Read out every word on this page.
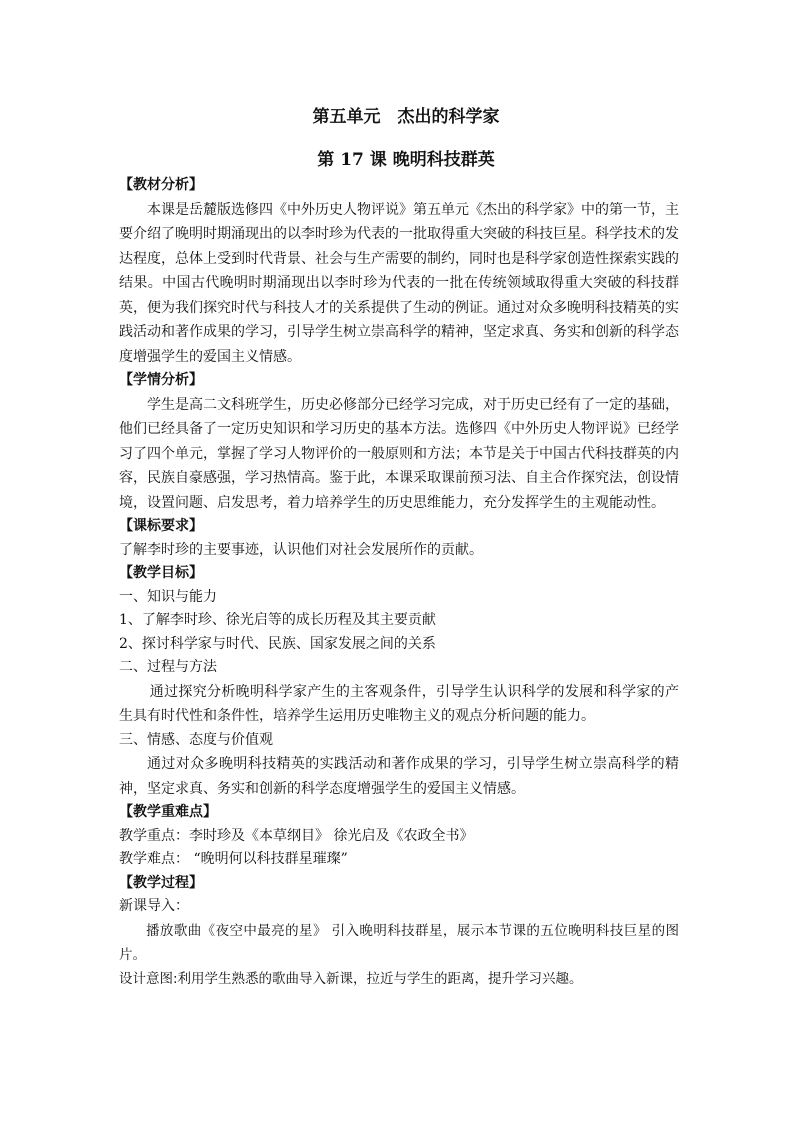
第五单元　杰出的科学家

第 17 课 晚明科技群英

【教材分析】

本课是岳麓版选修四《中外历史人物评说》第五单元《杰出的科学家》中的第一节，主要介绍了晚明时期涌现出的以李时珍为代表的一批取得重大突破的科技巨星。科学技术的发达程度，总体上受到时代背景、社会与生产需要的制约，同时也是科学家创造性探索实践的结果。中国古代晚明时期涌现出以李时珍为代表的一批在传统领域取得重大突破的科技群英，便为我们探究时代与科技人才的关系提供了生动的例证。通过对众多晚明科技精英的实践活动和著作成果的学习，引导学生树立崇高科学的精神，坚定求真、务实和创新的科学态度增强学生的爱国主义情感。

【学情分析】

学生是高二文科班学生，历史必修部分已经学习完成，对于历史已经有了一定的基础，他们已经具备了一定历史知识和学习历史的基本方法。选修四《中外历史人物评说》已经学习了四个单元，掌握了学习人物评价的一般原则和方法；本节是关于中国古代科技群英的内容，民族自豪感强，学习热情高。鉴于此，本课采取课前预习法、自主合作探究法，创设情境，设置问题、启发思考，着力培养学生的历史思维能力，充分发挥学生的主观能动性。

【课标要求】

了解李时珍的主要事迹，认识他们对社会发展所作的贡献。

【教学目标】

一、知识与能力

1、了解李时珍、徐光启等的成长历程及其主要贡献

2、探讨科学家与时代、民族、国家发展之间的关系

二、过程与方法

通过探究分析晚明科学家产生的主客观条件，引导学生认识科学的发展和科学家的产生具有时代性和条件性，培养学生运用历史唯物主义的观点分析问题的能力。

三、情感、态度与价值观

通过对众多晚明科技精英的实践活动和著作成果的学习，引导学生树立崇高科学的精神，坚定求真、务实和创新的科学态度增强学生的爱国主义情感。

【教学重难点】

教学重点：李时珍及《本草纲目》 徐光启及《农政全书》

教学难点： “晚明何以科技群星璀璨”

【教学过程】

新课导入：

播放歌曲《夜空中最亮的星》 引入晚明科技群星，展示本节课的五位晚明科技巨星的图片。

设计意图:利用学生熟悉的歌曲导入新课，拉近与学生的距离，提升学习兴趣。
